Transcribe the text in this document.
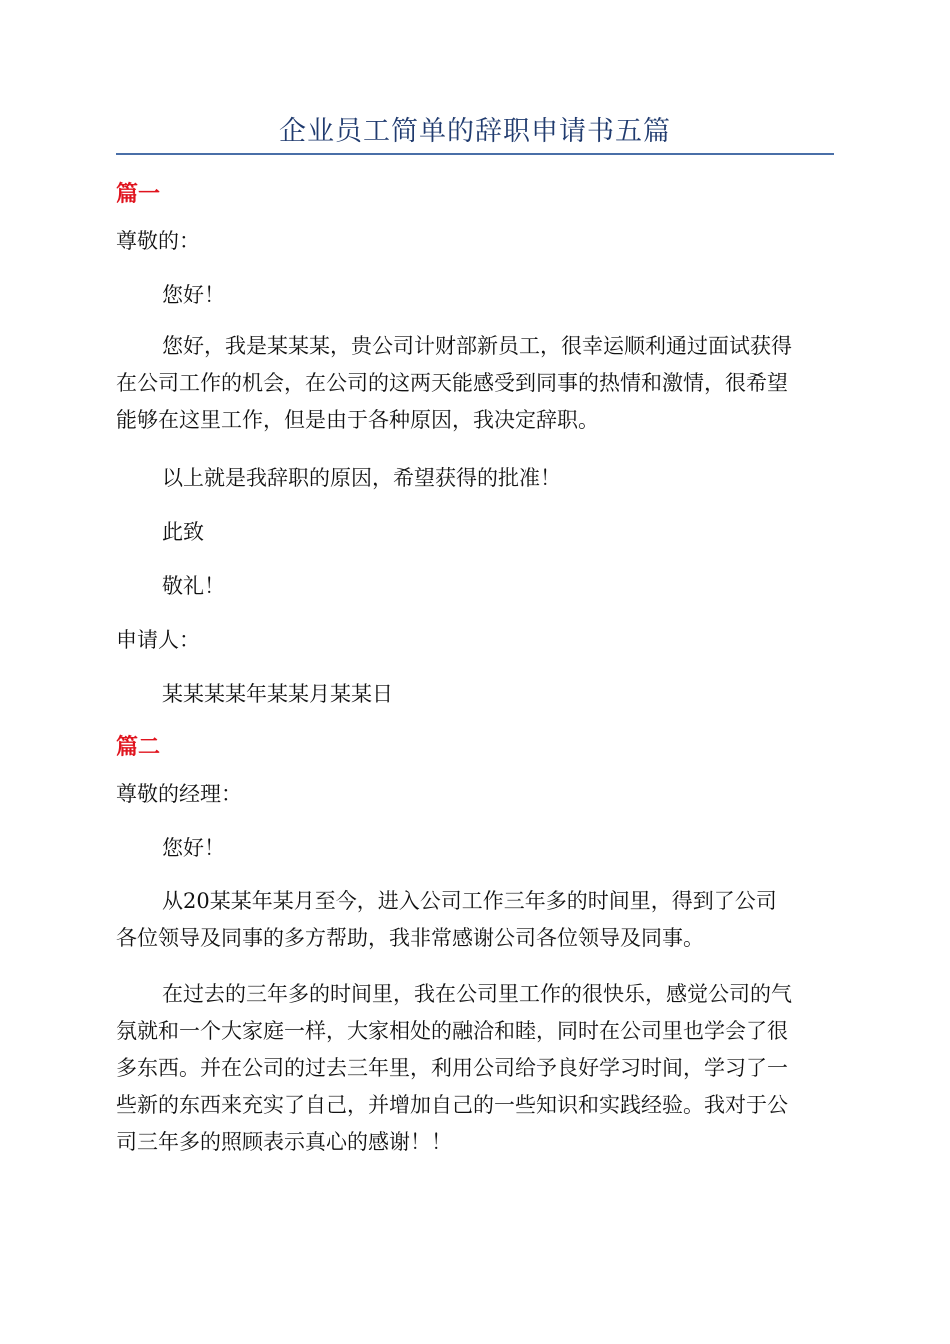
企业员工简单的辞职申请书五篇
篇一
尊敬的：
您好！
您好，我是某某某，贵公司计财部新员工，很幸运顺利通过面试获得
在公司工作的机会，在公司的这两天能感受到同事的热情和激情，很希望
能够在这里工作，但是由于各种原因，我决定辞职。
以上就是我辞职的原因，希望获得的批准！
此致
敬礼！
申请人：
某某某某年某某月某某日
篇二
尊敬的经理：
您好！
从20某某年某月至今，进入公司工作三年多的时间里，得到了公司
各位领导及同事的多方帮助，我非常感谢公司各位领导及同事。
在过去的三年多的时间里，我在公司里工作的很快乐，感觉公司的气
氛就和一个大家庭一样，大家相处的融洽和睦，同时在公司里也学会了很
多东西。并在公司的过去三年里，利用公司给予良好学习时间，学习了一
些新的东西来充实了自己，并增加自己的一些知识和实践经验。我对于公
司三年多的照顾表示真心的感谢！！
